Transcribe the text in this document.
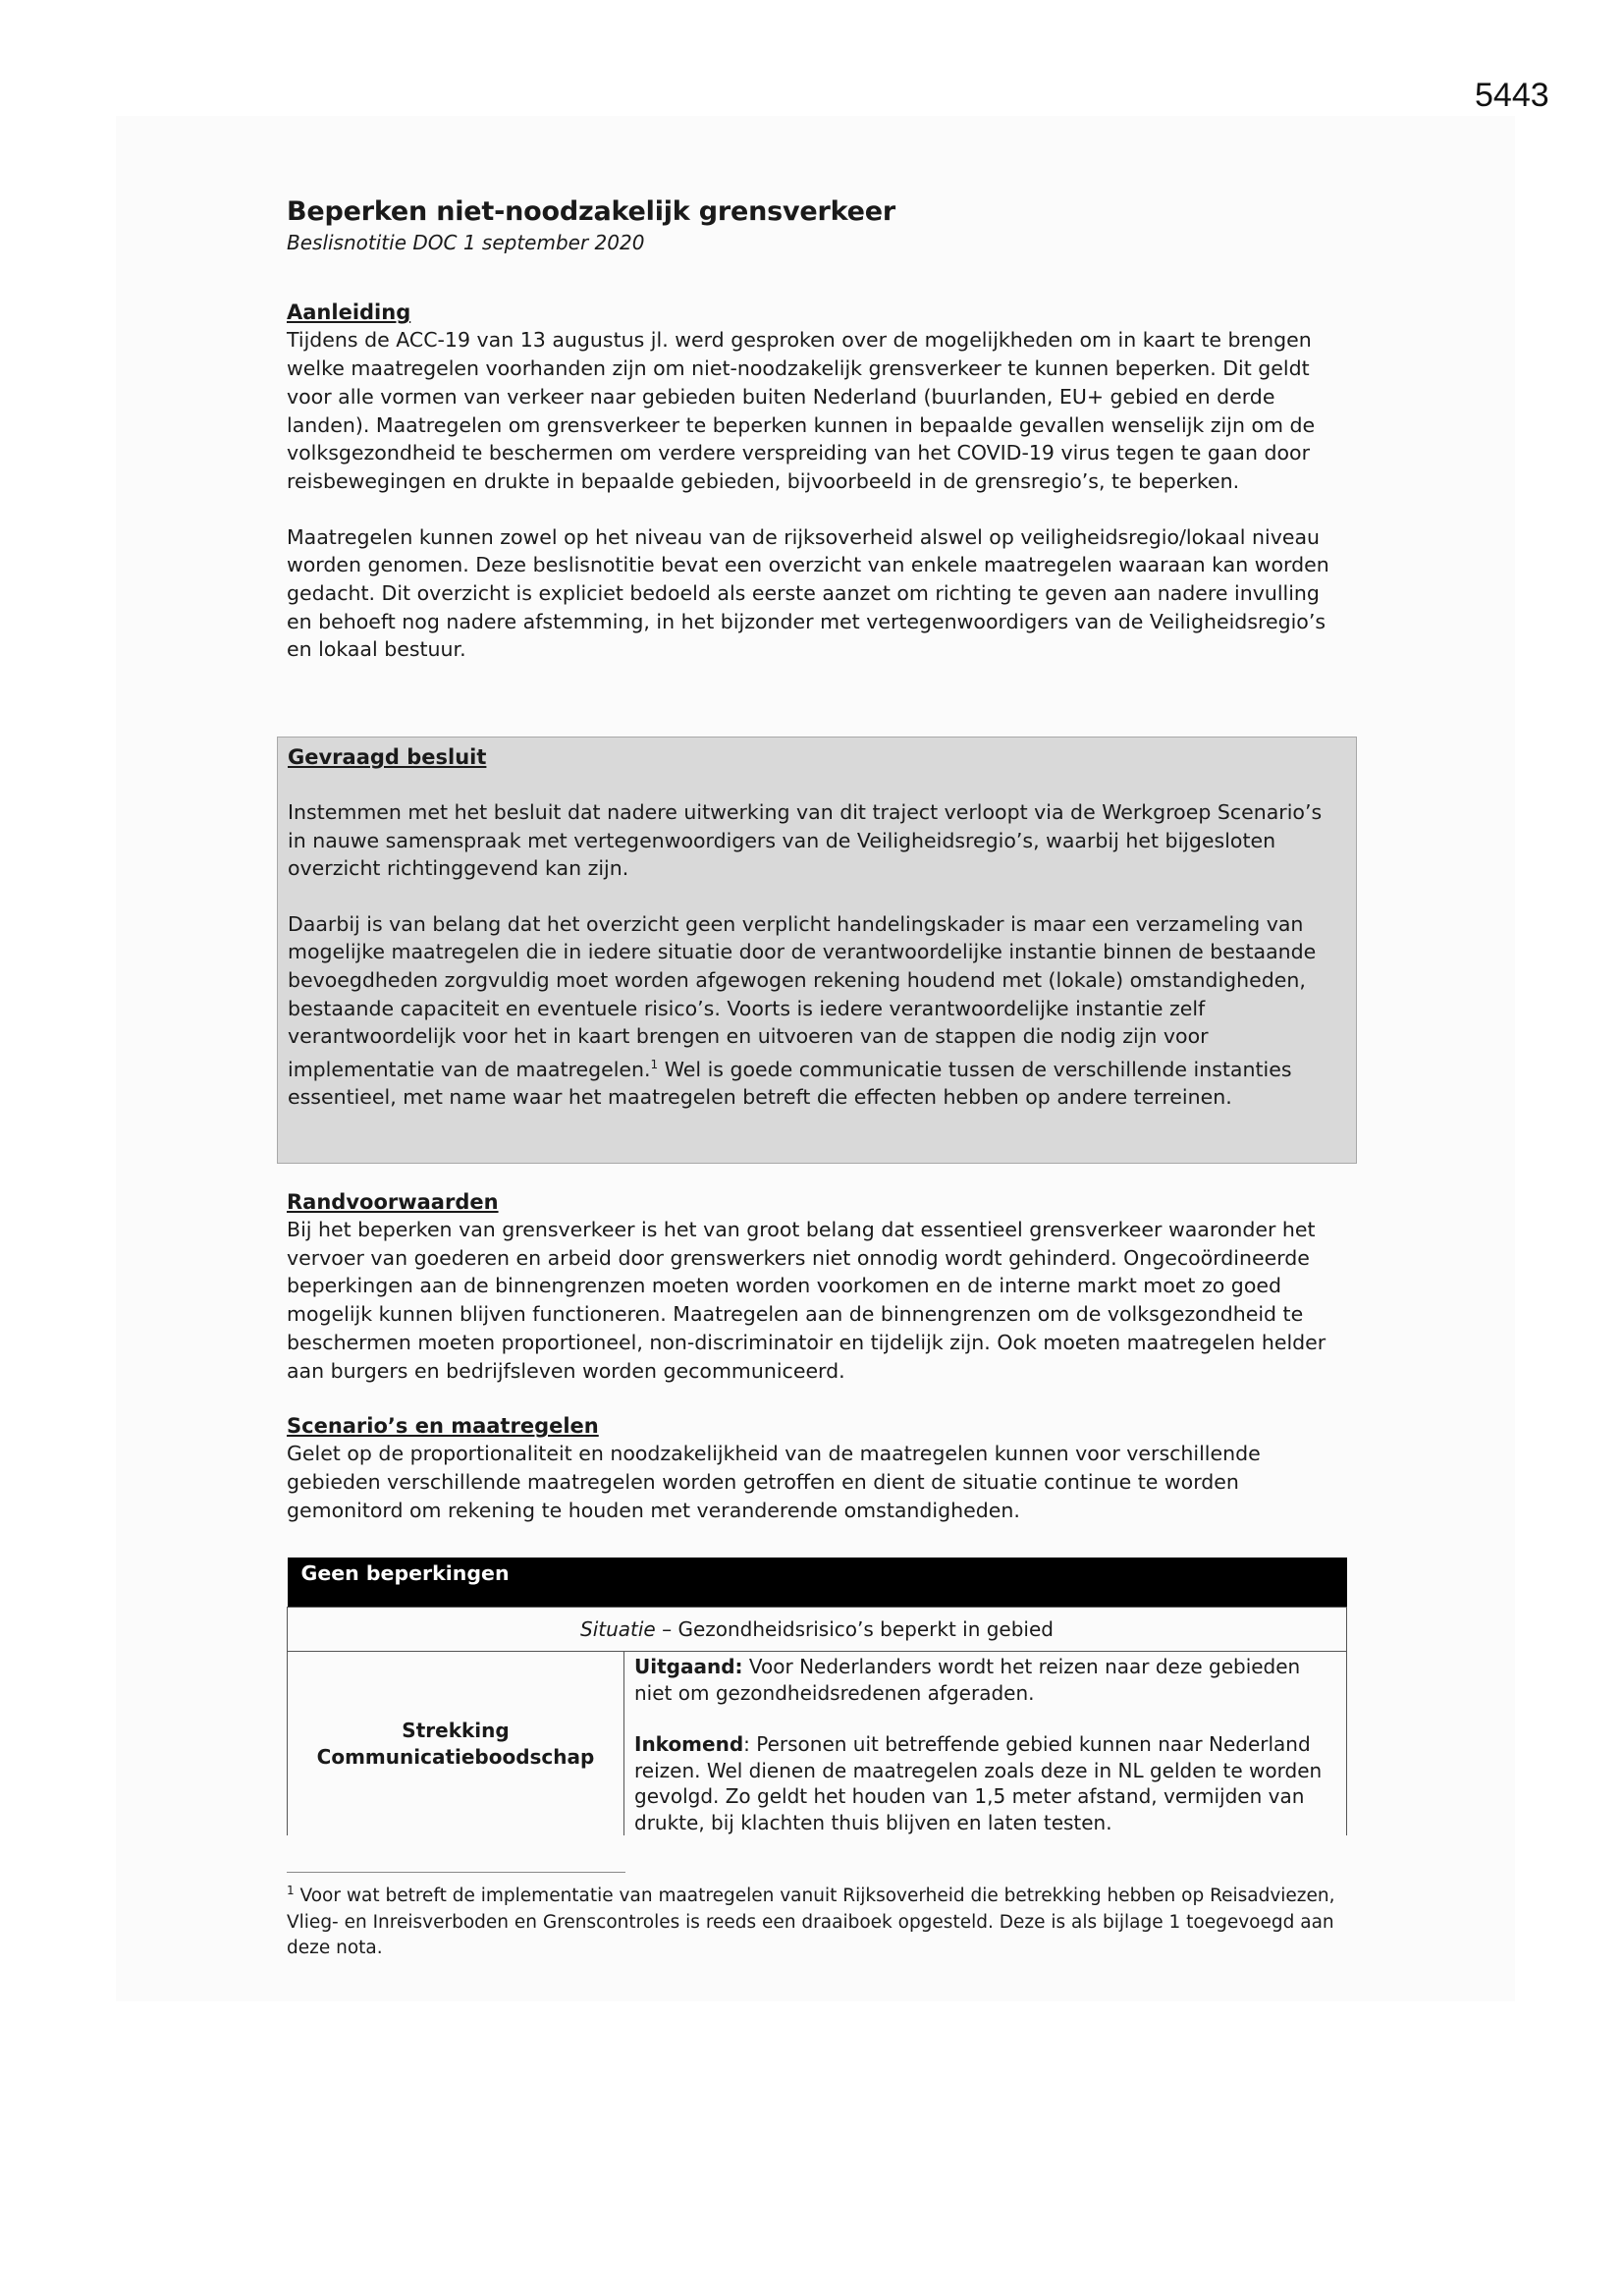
5443
Beperken niet-noodzakelijk grensverkeer
Beslisnotitie DOC 1 september 2020
Aanleiding

Tijdens de ACC-19 van 13 augustus jl. werd gesproken over de mogelijkheden om in kaart te brengen welke maatregelen voorhanden zijn om niet-noodzakelijk grensverkeer te kunnen beperken. Dit geldt voor alle vormen van verkeer naar gebieden buiten Nederland (buurlanden, EU+ gebied en derde landen). Maatregelen om grensverkeer te beperken kunnen in bepaalde gevallen wenselijk zijn om de volksgezondheid te beschermen om verdere verspreiding van het COVID-19 virus tegen te gaan door reisbewegingen en drukte in bepaalde gebieden, bijvoorbeeld in de grensregio’s, te beperken.

Maatregelen kunnen zowel op het niveau van de rijksoverheid alswel op veiligheidsregio/lokaal niveau worden genomen. Deze beslisnotitie bevat een overzicht van enkele maatregelen waaraan kan worden gedacht. Dit overzicht is expliciet bedoeld als eerste aanzet om richting te geven aan nadere invulling en behoeft nog nadere afstemming, in het bijzonder met vertegenwoordigers van de Veiligheidsregio’s en lokaal bestuur.

Gevraagd besluit

Instemmen met het besluit dat nadere uitwerking van dit traject verloopt via de Werkgroep Scenario’s in nauwe samenspraak met vertegenwoordigers van de Veiligheidsregio’s, waarbij het bijgesloten overzicht richtinggevend kan zijn.

Daarbij is van belang dat het overzicht geen verplicht handelingskader is maar een verzameling van mogelijke maatregelen die in iedere situatie door de verantwoordelijke instantie binnen de bestaande bevoegdheden zorgvuldig moet worden afgewogen rekening houdend met (lokale) omstandigheden, bestaande capaciteit en eventuele risico’s. Voorts is iedere verantwoordelijke instantie zelf verantwoordelijk voor het in kaart brengen en uitvoeren van de stappen die nodig zijn voor implementatie van de maatregelen.$^1$ Wel is goede communicatie tussen de verschillende instanties essentieel, met name waar het maatregelen betreft die effecten hebben op andere terreinen.

Randvoorwaarden

Bij het beperken van grensverkeer is het van groot belang dat essentieel grensverkeer waaronder het vervoer van goederen en arbeid door grenswerkers niet onnodig wordt gehinderd. Ongecoördineerde beperkingen aan de binnengrenzen moeten worden voorkomen en de interne markt moet zo goed mogelijk kunnen blijven functioneren. Maatregelen aan de binnengrenzen om de volksgezondheid te beschermen moeten proportioneel, non-discriminatoir en tijdelijk zijn. Ook moeten maatregelen helder aan burgers en bedrijfsleven worden gecommuniceerd.

Scenario’s en maatregelen

Gelet op de proportionaliteit en noodzakelijkheid van de maatregelen kunnen voor verschillende gebieden verschillende maatregelen worden getroffen en dient de situatie continue te worden gemonitord om rekening te houden met veranderende omstandigheden.

Geen beperkingen
Situatie – Gezondheidsrisico’s beperkt in gebied

Strekking
Communicatieboodschap

Uitgaand: Voor Nederlanders wordt het reizen naar deze gebieden niet om gezondheidsredenen afgeraden.

Inkomend: Personen uit betreffende gebied kunnen naar Nederland reizen. Wel dienen de maatregelen zoals deze in NL gelden te worden gevolgd. Zo geldt het houden van 1,5 meter afstand, vermijden van drukte, bij klachten thuis blijven en laten testen.

$^1$ Voor wat betreft de implementatie van maatregelen vanuit Rijksoverheid die betrekking hebben op Reisadviezen, Vlieg- en Inreisverboden en Grenscontroles is reeds een draaiboek opgesteld. Deze is als bijlage 1 toegevoegd aan deze nota.
